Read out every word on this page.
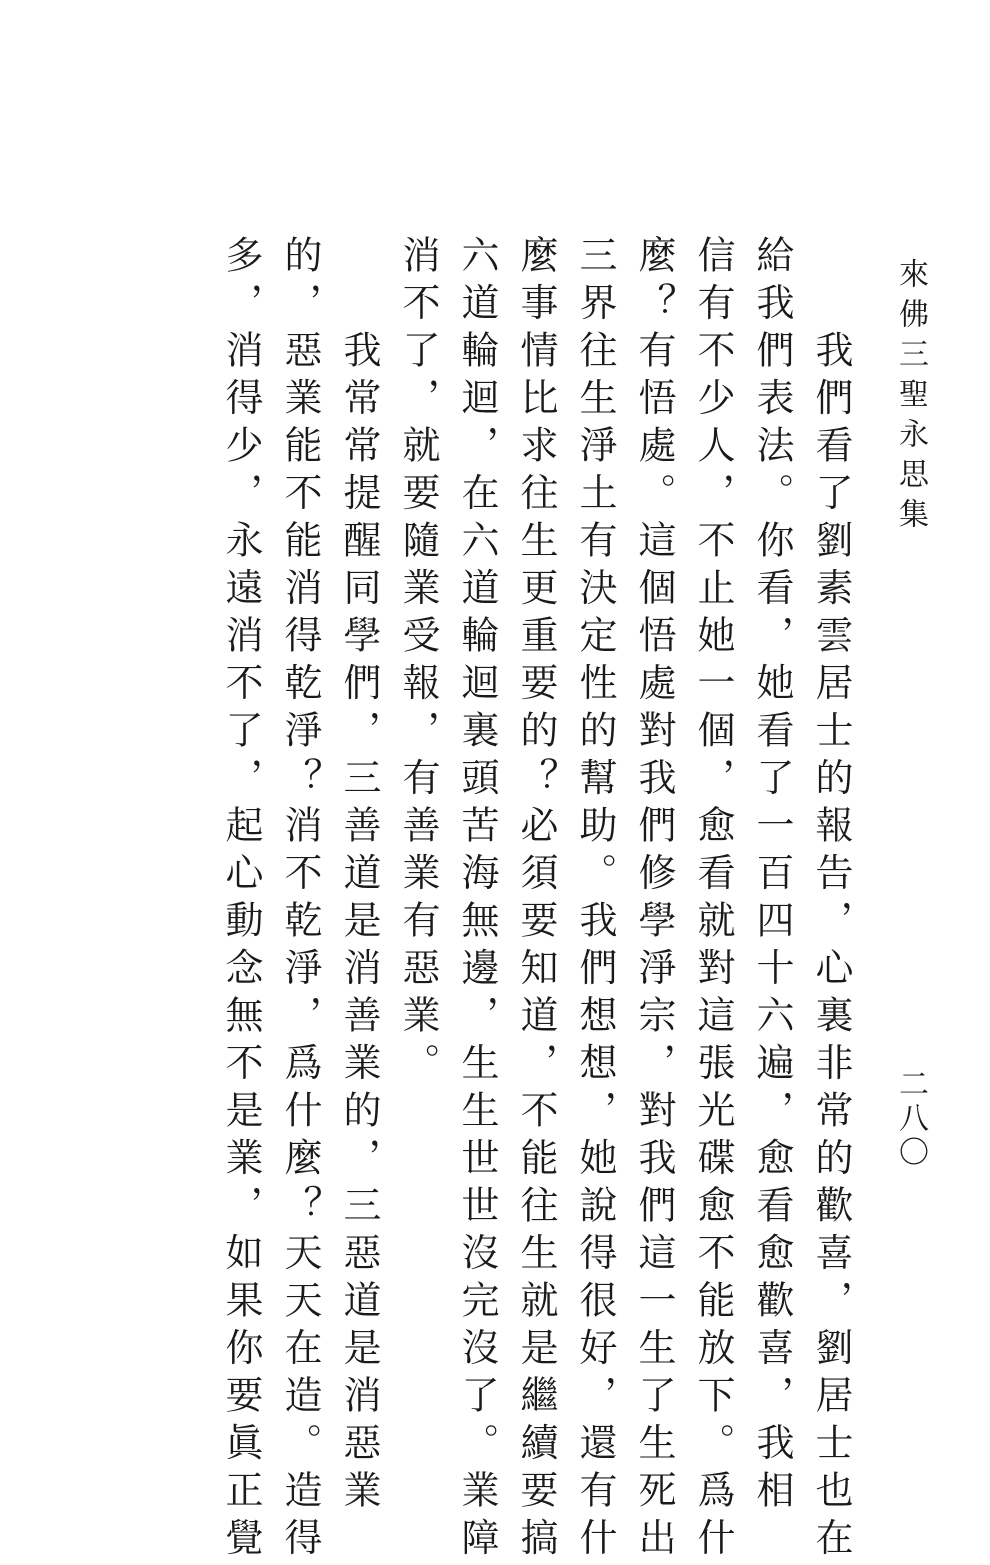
來佛三聖永思集
二八〇
我們看了劉素雲居士的報告，心裏非常的歡喜，劉居士也在
給我們表法。你看，她看了一百四十六遍，愈看愈歡喜，我相
信有不少人，不止她一個，愈看就對這張光碟愈不能放下。爲什
麼？有悟處。這個悟處對我們修學淨宗，對我們這一生了生死出
三界往生淨土有決定性的幫助。我們想想，她說得很好，還有什
麼事情比求往生更重要的？必須要知道，不能往生就是繼續要搞
六道輪迴，在六道輪迴裏頭苦海無邊，生生世世沒完沒了。業障
消不了，就要隨業受報，有善業有惡業。
我常常提醒同學們，三善道是消善業的，三惡道是消惡業
的，惡業能不能消得乾淨？消不乾淨，爲什麼？天天在造。造得
多，消得少，永遠消不了，起心動念無不是業，如果你要眞正覺
